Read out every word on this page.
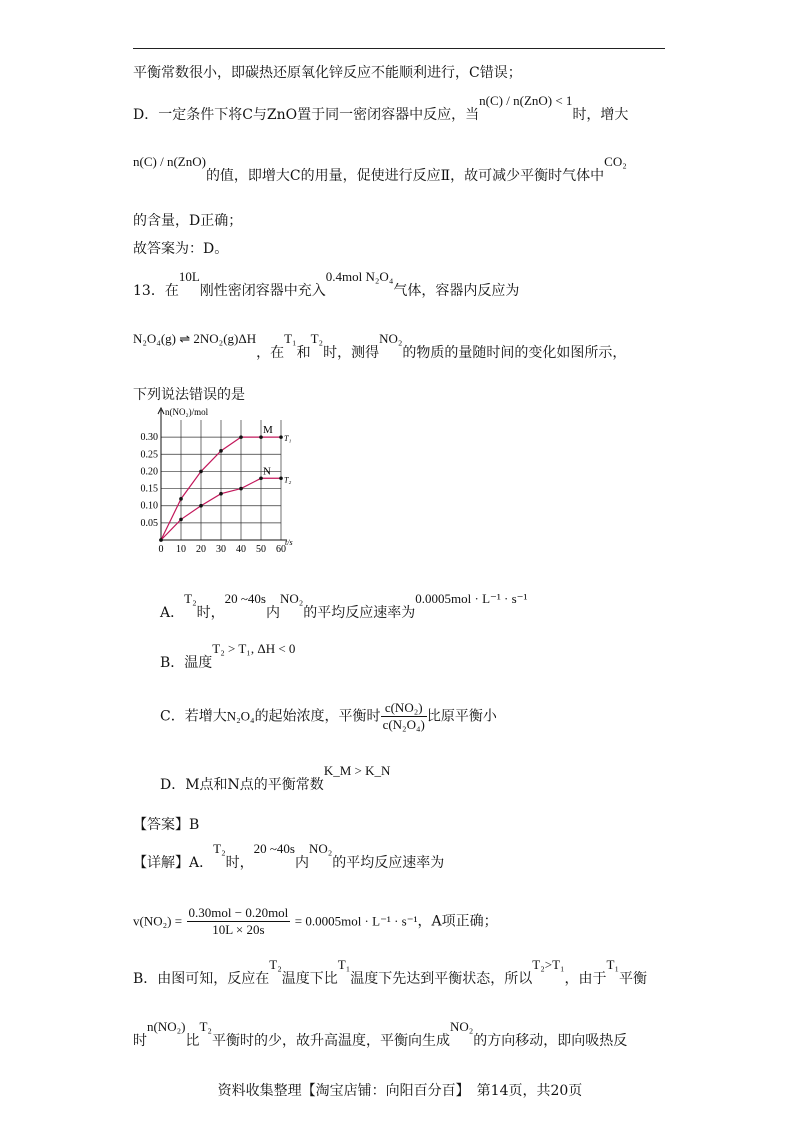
平衡常数很小，即碳热还原氧化锌反应不能顺利进行，C错误；
D．一定条件下将C与ZnO置于同一密闭容器中反应，当n(C) / n(ZnO) < 1时，增大
n(C) / n(ZnO)的值，即增大C的用量，促使进行反应Ⅱ，故可减少平衡时气体中CO₂
的含量，D正确；
故答案为：D。
13．在10L刚性密闭容器中充入0.4mol N₂O₄气体，容器内反应为
N₂O₄(g) ⇌ 2NO₂(g)ΔH，在T₁和T₂时，测得NO₂的物质的量随时间的变化如图所示，
下列说法错误的是
0 10 20 30 40 50 60
0.05
0.10
0.15
0.20
0.25
0.30
t/s
n(NO₂)/mol
T₁
M
T₂
N
A．T₂时，20 ~40s内NO₂的平均反应速率为0.0005mol · L⁻¹ · s⁻¹
B．温度T₂ > T₁, ΔH < 0
C．若增大N₂O₄的起始浓度，平衡时 $\frac{\text{c(NO₂)}}{\text{c(N₂O₄)}}$ 比原平衡小
D．M点和N点的平衡常数K_M > K_N
【答案】B
【详解】A．T₂时，20 ~40s内NO₂的平均反应速率为
$v(NO_2) = \frac{\text{0.30mol − 0.20mol}}{10L \times 20s} = 0.0005mol \cdot L^{-1} \cdot s^{-1}$，A项正确；
B．由图可知，反应在T₂温度下比T₁温度下先达到平衡状态，所以T₂>T₁，由于T₁平衡
时n(NO₂)比T₂平衡时的少，故升高温度，平衡向生成NO₂的方向移动，即向吸热反
资料收集整理【淘宝店铺：向阳百分百】　第14页，共20页
